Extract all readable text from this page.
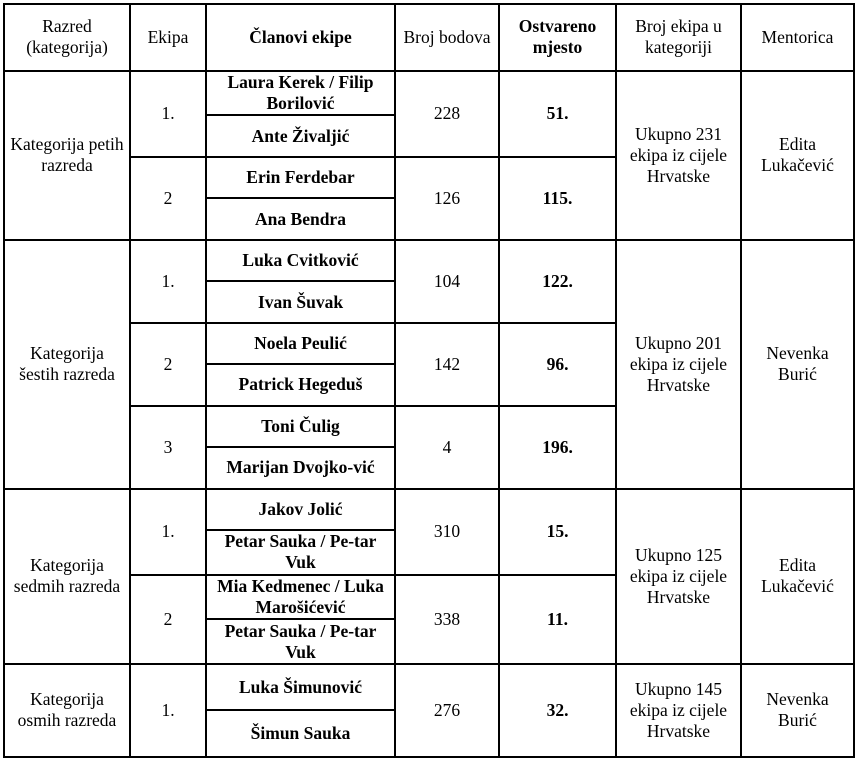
Razred (kategorija)	Ekipa	Članovi ekipe	Broj bodova	Ostvareno mjesto	Broj ekipa u kategoriji	Mentorica
Kategorija petih razreda	1.	Laura Kerek / Filip Borilović	228	51.	Ukupno 231 ekipa iz cijele Hrvatske	Edita Lukačević
		Ante Živaljić				
	2	Erin Ferdebar	126	115.		
		Ana Bendra				
Kategorija šestih razreda	1.	Luka Cvitković	104	122.	Ukupno 201 ekipa iz cijele Hrvatske	Nevenka Burić
		Ivan Šuvak				
	2	Noela Peulić	142	96.		
		Patrick Hegeduš				
	3	Toni Čulig	4	196.		
		Marijan Dvojko-vić				
Kategorija sedmih razreda	1.	Jakov Jolić	310	15.	Ukupno 125 ekipa iz cijele Hrvatske	Edita Lukačević
		Petar Sauka / Pe-tar Vuk				
	2	Mia Kedmenec / Luka Marošićević	338	11.		
		Petar Sauka / Pe-tar Vuk				
Kategorija osmih razreda	1.	Luka Šimunović	276	32.	Ukupno 145 ekipa iz cijele Hrvatske	Nevenka Burić
		Šimun Sauka				
